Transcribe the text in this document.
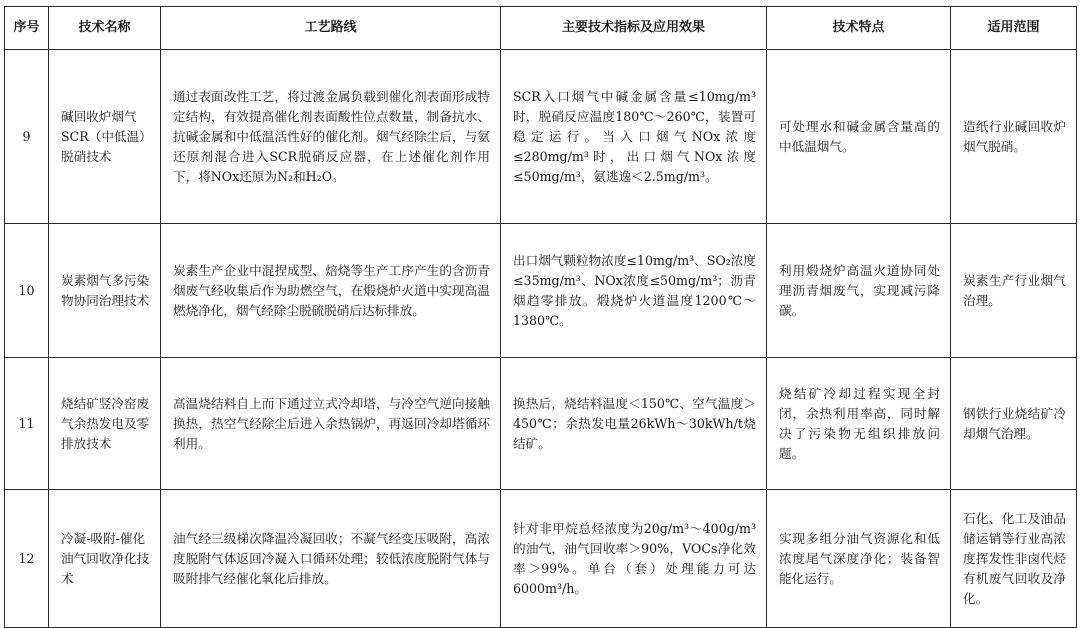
序号	技术名称	工艺路线	主要技术指标及应用效果	技术特点	适用范围
9	碱回收炉烟气SCR（中低温）脱硝技术	通过表面改性工艺，将过渡金属负载到催化剂表面形成特定结构，有效提高催化剂表面酸性位点数量，制备抗水、抗碱金属和中低温活性好的催化剂。烟气经除尘后，与氨还原剂混合进入SCR脱硝反应器，在上述催化剂作用下，将NOx还原为N₂和H₂O。	SCR入口烟气中碱金属含量≤10mg/m³时，脱硝反应温度180℃～260℃，装置可稳定运行。当入口烟气NOx浓度≤280mg/m³时，出口烟气NOx浓度≤50mg/m³，氨逃逸＜2.5mg/m³。	可处理水和碱金属含量高的中低温烟气。	造纸行业碱回收炉烟气脱硝。
10	炭素烟气多污染物协同治理技术	炭素生产企业中混捏成型、焙烧等生产工序产生的含沥青烟废气经收集后作为助燃空气，在煅烧炉火道中实现高温燃烧净化，烟气经除尘脱硫脱硝后达标排放。	出口烟气颗粒物浓度≤10mg/m³、SO₂浓度≤35mg/m³、NOx浓度≤50mg/m³；沥青烟趋零排放。煅烧炉火道温度1200℃～1380℃。	利用煅烧炉高温火道协同处理沥青烟废气，实现减污降碳。	炭素生产行业烟气治理。
11	烧结矿竖冷窑废气余热发电及零排放技术	高温烧结料自上而下通过立式冷却塔，与冷空气逆向接触换热，热空气经除尘后进入余热锅炉，再返回冷却塔循环利用。	换热后，烧结料温度＜150℃、空气温度＞450℃；余热发电量26kWh～30kWh/t烧结矿。	烧结矿冷却过程实现全封闭，余热利用率高，同时解决了污染物无组织排放问题。	钢铁行业烧结矿冷却烟气治理。
12	冷凝-吸附-催化油气回收净化技术	油气经三级梯次降温冷凝回收；不凝气经变压吸附，高浓度脱附气体返回冷凝入口循环处理；较低浓度脱附气体与吸附排气经催化氧化后排放。	针对非甲烷总烃浓度为20g/m³～400g/m³的油气，油气回收率＞90%，VOCs净化效率＞99%。单台（套）处理能力可达6000m³/h。	实现多组分油气资源化和低浓度尾气深度净化；装备智能化运行。	石化、化工及油品储运销等行业高浓度挥发性非卤代烃有机废气回收及净化。
